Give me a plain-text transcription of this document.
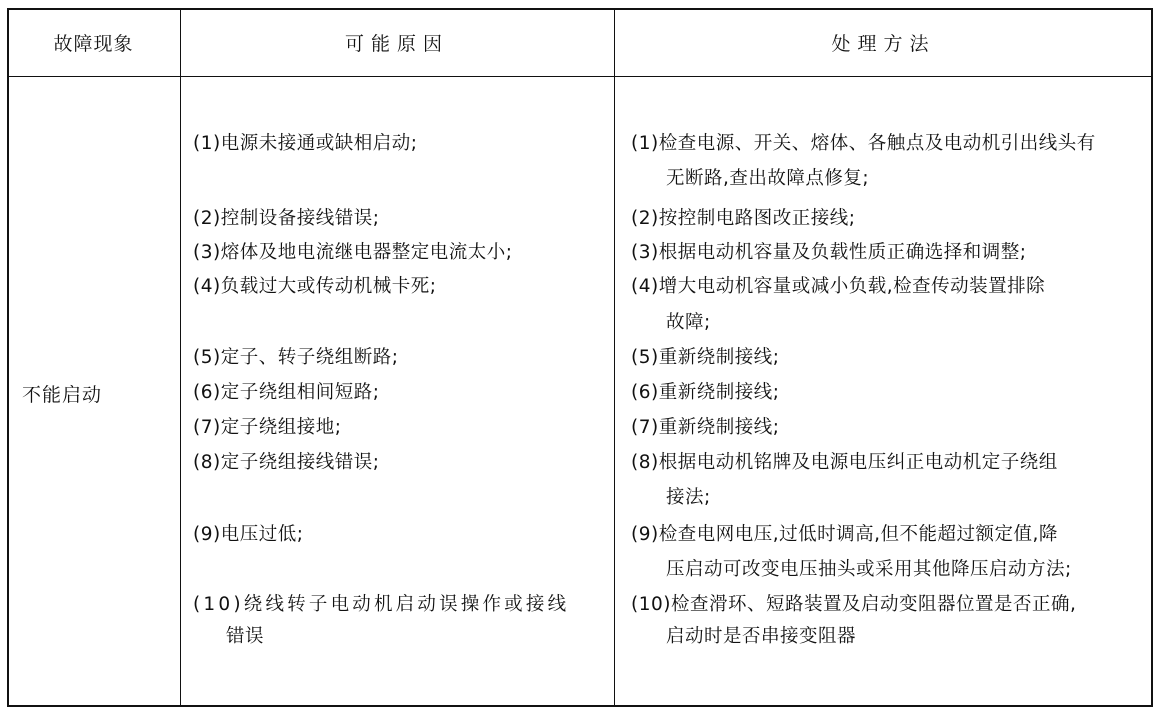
故障现象	可能原因	处理方法
不能启动
(1)电源未接通或缺相启动;
(2)控制设备接线错误;
(3)熔体及地电流继电器整定电流太小;
(4)负载过大或传动机械卡死;
(5)定子、转子绕组断路;
(6)定子绕组相间短路;
(7)定子绕组接地;
(8)定子绕组接线错误;
(9)电压过低;
(10)绕线转子电动机启动误操作或接线
错误
(1)检查电源、开关、熔体、各触点及电动机引出线头有
无断路,查出故障点修复;
(2)按控制电路图改正接线;
(3)根据电动机容量及负载性质正确选择和调整;
(4)增大电动机容量或减小负载,检查传动装置排除
故障;
(5)重新绕制接线;
(6)重新绕制接线;
(7)重新绕制接线;
(8)根据电动机铭牌及电源电压纠正电动机定子绕组
接法;
(9)检查电网电压,过低时调高,但不能超过额定值,降
压启动可改变电压抽头或采用其他降压启动方法;
(10)检查滑环、短路装置及启动变阻器位置是否正确,
启动时是否串接变阻器
